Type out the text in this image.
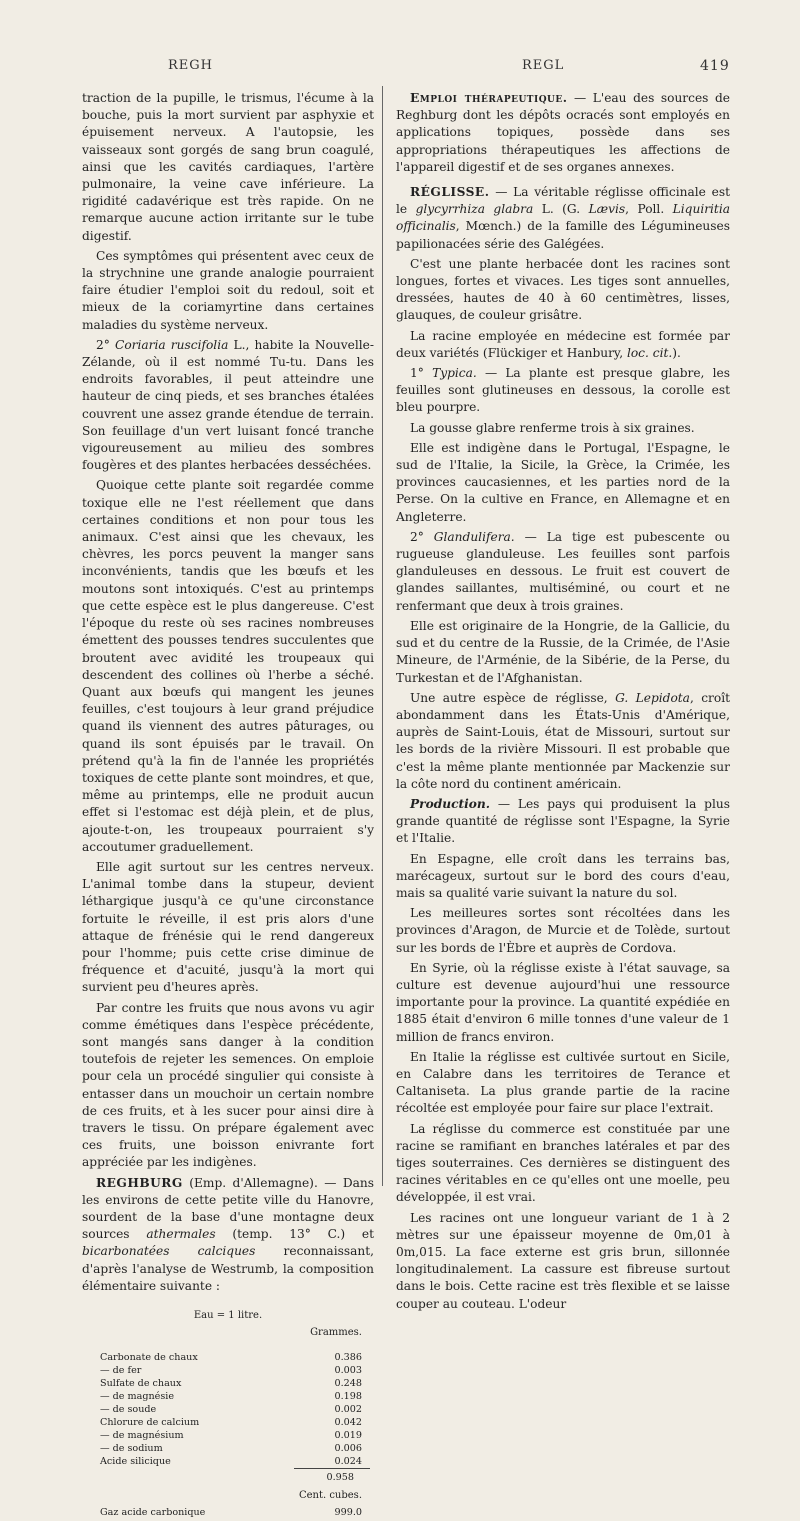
REGH	REGL	419

traction de la pupille, le trismus, l'écume à la bouche, puis la mort survient par asphyxie et épuisement nerveux. A l'autopsie, les vaisseaux sont gorgés de sang brun coagulé, ainsi que les cavités cardiaques, l'artère pulmonaire, la veine cave inférieure. La rigidité cadavérique est très rapide. On ne remarque aucune action irritante sur le tube digestif.

Ces symptômes qui présentent avec ceux de la strychnine une grande analogie pourraient faire étudier l'emploi soit du redoul, soit et mieux de la coriamyrtine dans certaines maladies du système nerveux.

2° Coriaria ruscifolia L., habite la Nouvelle-Zélande, où il est nommé Tu-tu. Dans les endroits favorables, il peut atteindre une hauteur de cinq pieds, et ses branches étalées couvrent une assez grande étendue de terrain. Son feuillage d'un vert luisant foncé tranche vigoureusement au milieu des sombres fougères et des plantes herbacées desséchées.

Quoique cette plante soit regardée comme toxique elle ne l'est réellement que dans certaines conditions et non pour tous les animaux. C'est ainsi que les chevaux, les chèvres, les porcs peuvent la manger sans inconvénients, tandis que les bœufs et les moutons sont intoxiqués. C'est au printemps que cette espèce est le plus dangereuse. C'est l'époque du reste où ses racines nombreuses émettent des pousses tendres succulentes que broutent avec avidité les troupeaux qui descendent des collines où l'herbe a séché. Quant aux bœufs qui mangent les jeunes feuilles, c'est toujours à leur grand préjudice quand ils viennent des autres pâturages, ou quand ils sont épuisés par le travail. On prétend qu'à la fin de l'année les propriétés toxiques de cette plante sont moindres, et que, même au printemps, elle ne produit aucun effet si l'estomac est déjà plein, et de plus, ajoute-t-on, les troupeaux pourraient s'y accoutumer graduellement.

Elle agit surtout sur les centres nerveux. L'animal tombe dans la stupeur, devient léthargique jusqu'à ce qu'une circonstance fortuite le réveille, il est pris alors d'une attaque de frénésie qui le rend dangereux pour l'homme; puis cette crise diminue de fréquence et d'acuité, jusqu'à la mort qui survient peu d'heures après.

Par contre les fruits que nous avons vu agir comme émétiques dans l'espèce précédente, sont mangés sans danger à la condition toutefois de rejeter les semences. On emploie pour cela un procédé singulier qui consiste à entasser dans un mouchoir un certain nombre de ces fruits, et à les sucer pour ainsi dire à travers le tissu. On prépare également avec ces fruits, une boisson enivrante fort appréciée par les indigènes.

REGHBURG (Emp. d'Allemagne). — Dans les environs de cette petite ville du Hanovre, sourdent de la base d'une montagne deux sources athermales (temp. 13° C.) et bicarbonatées calciques reconnaissant, d'après l'analyse de Westrumb, la composition élémentaire suivante :

Eau = 1 litre.
Grammes.
Carbonate de chaux	0.386
— de fer	0.003
Sulfate de chaux	0.248
— de magnésie	0.198
— de soude	0.002
Chlorure de calcium	0.042
— de magnésium	0.019
— de sodium	0.006
Acide silicique	0.024
0.958
Cent. cubes.
Gaz acide carbonique	999.0

Emploi thérapeutique. — L'eau des sources de Reghburg dont les dépôts ocracés sont employés en applications topiques, possède dans ses appropriations thérapeutiques les affections de l'appareil digestif et de ses organes annexes.

RÉGLISSE. — La véritable réglisse officinale est le glycyrrhiza glabra L. (G. Lævis, Poll. Liquiritia officinalis, Mœnch.) de la famille des Légumineuses papilionacées série des Galégées.

C'est une plante herbacée dont les racines sont longues, fortes et vivaces. Les tiges sont annuelles, dressées, hautes de 40 à 60 centimètres, lisses, glauques, de couleur grisâtre.

La racine employée en médecine est formée par deux variétés (Flückiger et Hanbury, loc. cit.).

1° Typica. — La plante est presque glabre, les feuilles sont glutineuses en dessous, la corolle est bleu pourpre.

La gousse glabre renferme trois à six graines.

Elle est indigène dans le Portugal, l'Espagne, le sud de l'Italie, la Sicile, la Grèce, la Crimée, les provinces caucasiennes, et les parties nord de la Perse. On la cultive en France, en Allemagne et en Angleterre.

2° Glandulifera. — La tige est pubescente ou rugueuse glanduleuse. Les feuilles sont parfois glanduleuses en dessous. Le fruit est couvert de glandes saillantes, multiséminé, ou court et ne renfermant que deux à trois graines.

Elle est originaire de la Hongrie, de la Gallicie, du sud et du centre de la Russie, de la Crimée, de l'Asie Mineure, de l'Arménie, de la Sibérie, de la Perse, du Turkestan et de l'Afghanistan.

Une autre espèce de réglisse, G. Lepidota, croît abondamment dans les États-Unis d'Amérique, auprès de Saint-Louis, état de Missouri, surtout sur les bords de la rivière Missouri. Il est probable que c'est la même plante mentionnée par Mackenzie sur la côte nord du continent américain.

Production. — Les pays qui produisent la plus grande quantité de réglisse sont l'Espagne, la Syrie et l'Italie.

En Espagne, elle croît dans les terrains bas, marécageux, surtout sur le bord des cours d'eau, mais sa qualité varie suivant la nature du sol.

Les meilleures sortes sont récoltées dans les provinces d'Aragon, de Murcie et de Tolède, surtout sur les bords de l'Èbre et auprès de Cordova.

En Syrie, où la réglisse existe à l'état sauvage, sa culture est devenue aujourd'hui une ressource importante pour la province. La quantité expédiée en 1885 était d'environ 6 mille tonnes d'une valeur de 1 million de francs environ.

En Italie la réglisse est cultivée surtout en Sicile, en Calabre dans les territoires de Terance et Caltaniseta. La plus grande partie de la racine récoltée est employée pour faire sur place l'extrait.

La réglisse du commerce est constituée par une racine se ramifiant en branches latérales et par des tiges souterraines. Ces dernières se distinguent des racines véritables en ce qu'elles ont une moelle, peu développée, il est vrai.

Les racines ont une longueur variant de 1 à 2 mètres sur une épaisseur moyenne de 0m,01 à 0m,015. La face externe est gris brun, sillonnée longitudinalement. La cassure est fibreuse surtout dans le bois. Cette racine est très flexible et se laisse couper au couteau. L'odeur
